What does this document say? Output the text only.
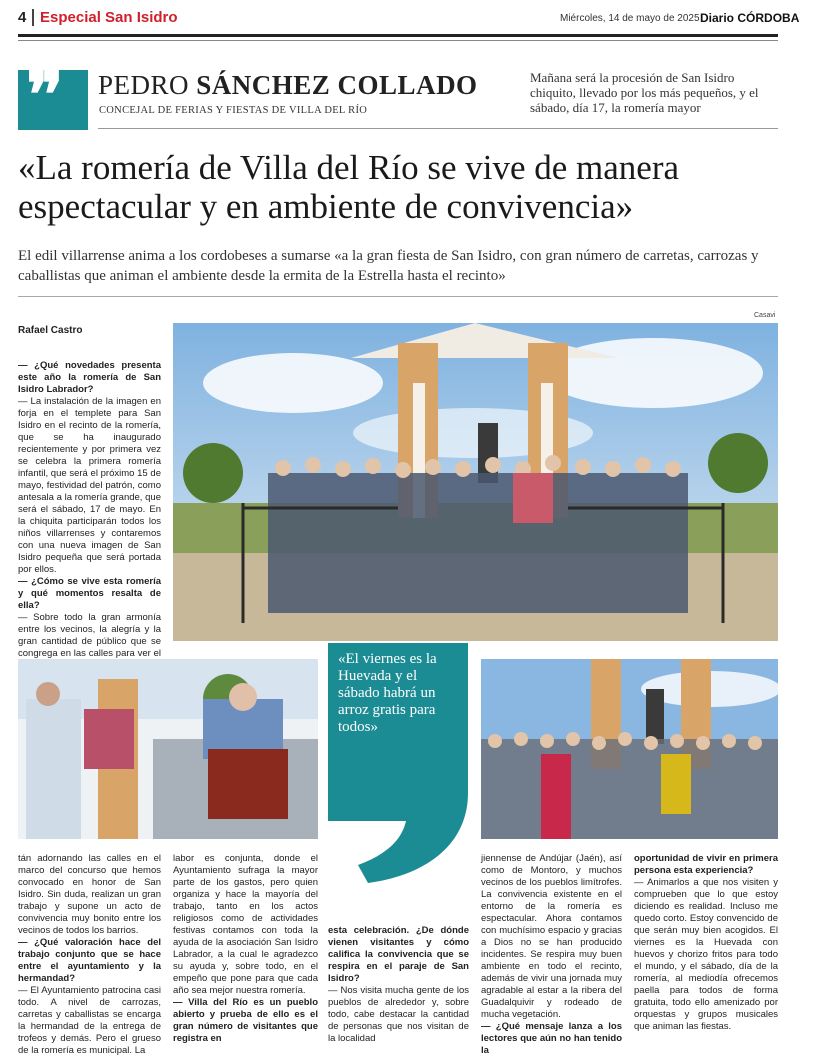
4 Especial San Isidro	Miércoles, 14 de mayo de 2025 Diario CÓRDOBA
❞ PEDRO SÁNCHEZ COLLADO
CONCEJAL DE FERIAS Y FIESTAS DE VILLA DEL RÍO
Mañana será la procesión de San Isidro chiquito, llevado por los más pequeños, y el sábado, día 17, la romería mayor
«La romería de Villa del Río se vive de manera espectacular y en ambiente de convivencia»
El edil villarrense anima a los cordobeses a sumarse «a la gran fiesta de San Isidro, con gran número de carretas, carrozas y caballistas que animan el ambiente desde la ermita de la Estrella hasta el recinto»
Rafael Castro
Casavi

— ¿Qué novedades presenta este año la romería de San Isidro Labrador?

— La instalación de la imagen en forja en el templete para San Isidro en el recinto de la romería, que se ha inaugurado recientemente y por primera vez se celebra la primera romería infantil, que será el próximo 15 de mayo, festividad del patrón, como antesala a la romería grande, que será el sábado, 17 de mayo. En la chiquita participarán todos los niños villarrenses y contaremos con una nueva imagen de San Isidro pequeña que será portada por ellos.

— ¿Cómo se vive esta romería y qué momentos resalta de ella?

— Sobre todo la gran armonía entre los vecinos, la alegría y la gran cantidad de público que se congrega en las calles para ver el	«El viernes es la Huevada y el sábado habrá un arroz gratis para todos»

tán adornando las calles en el marco del concurso que hemos convocado en honor de San Isidro. Sin duda, realizan un gran trabajo y supone un acto de convivencia muy bonito entre los vecinos de todos los barrios.

— ¿Qué valoración hace del trabajo conjunto que se hace entre el ayuntamiento y la hermandad?

— El Ayuntamiento patrocina casi todo. A nivel de carrozas, carretas y caballistas se encarga la hermandad de la entrega de trofeos y demás. Pero el grueso de la romería es municipal. La

labor es conjunta, donde el Ayuntamiento sufraga la mayor parte de los gastos, pero quien organiza y hace la mayoría del trabajo, tanto en los actos religiosos como de actividades festivas contamos con toda la ayuda de la asociación San Isidro Labrador, a la cual le agradezco su ayuda y, sobre todo, en el empeño que pone para que cada año sea mejor nuestra romería.

— Villa del Río es un pueblo abierto y prueba de ello es el gran número de visitantes que registra en

esta celebración. ¿De dónde vienen visitantes y cómo califica la convivencia que se respira en el paraje de San Isidro?

— Nos visita mucha gente de los pueblos de alrededor y, sobre todo, cabe destacar la cantidad de personas que nos visitan de la localidad

jiennense de Andújar (Jaén), así como de Montoro, y muchos vecinos de los pueblos limítrofes. La convivencia existente en el entorno de la romería es espectacular. Ahora contamos con muchísimo espacio y gracias a Dios no se han producido incidentes. Se respira muy buen ambiente en todo el recinto, además de vivir una jornada muy agradable al estar a la ribera del Guadalquivir y rodeado de mucha vegetación.

— ¿Qué mensaje lanza a los lectores que aún no han tenido la

oportunidad de vivir en primera persona esta experiencia?

— Animarlos a que nos visiten y comprueben que lo que estoy diciendo es realidad. Incluso me quedo corto. Estoy convencido de que serán muy bien acogidos. El viernes es la Huevada con huevos y chorizo fritos para todo el mundo, y el sábado, día de la romería, al mediodía ofrecemos paella para todos de forma gratuita, todo ello amenizado por orquestas y grupos musicales que animan las fiestas.
